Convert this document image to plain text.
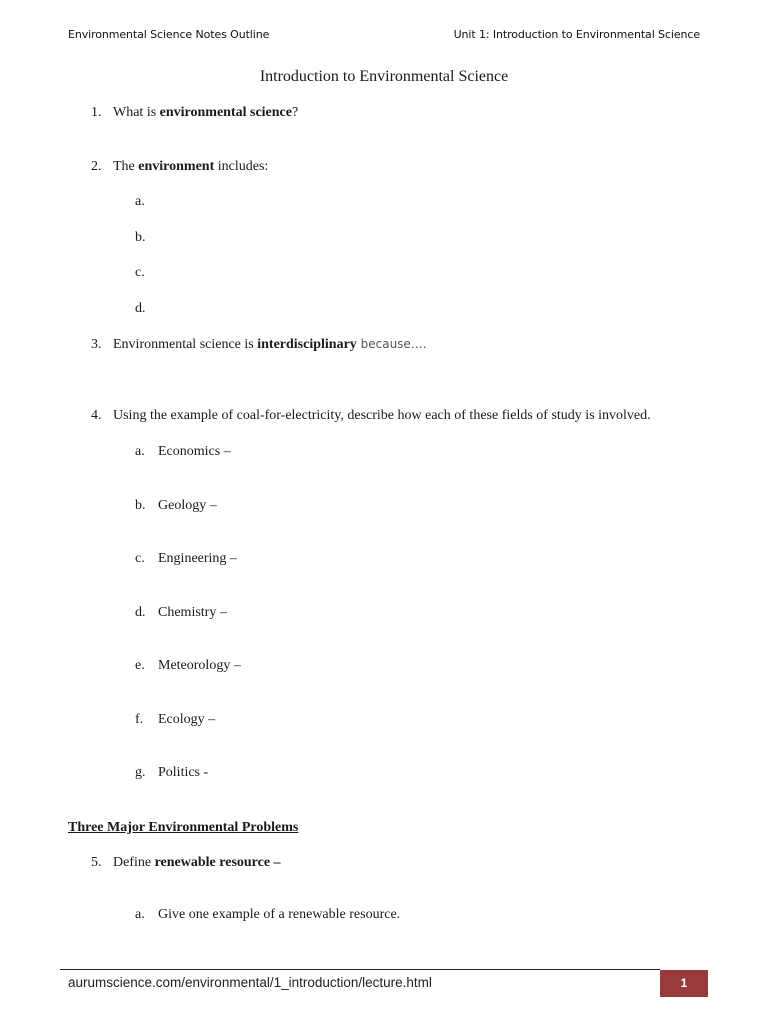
Environmental Science Notes Outline	Unit 1: Introduction to Environmental Science
Introduction to Environmental Science
1. What is environmental science?
2. The environment includes:
a.
b.
c.
d.
3. Environmental science is interdisciplinary because….
4. Using the example of coal-for-electricity, describe how each of these fields of study is involved.
a. Economics –
b. Geology –
c. Engineering –
d. Chemistry –
e. Meteorology –
f. Ecology –
g. Politics -
Three Major Environmental Problems
5. Define renewable resource –
a. Give one example of a renewable resource.
aurumscience.com/environmental/1_introduction/lecture.html	1
